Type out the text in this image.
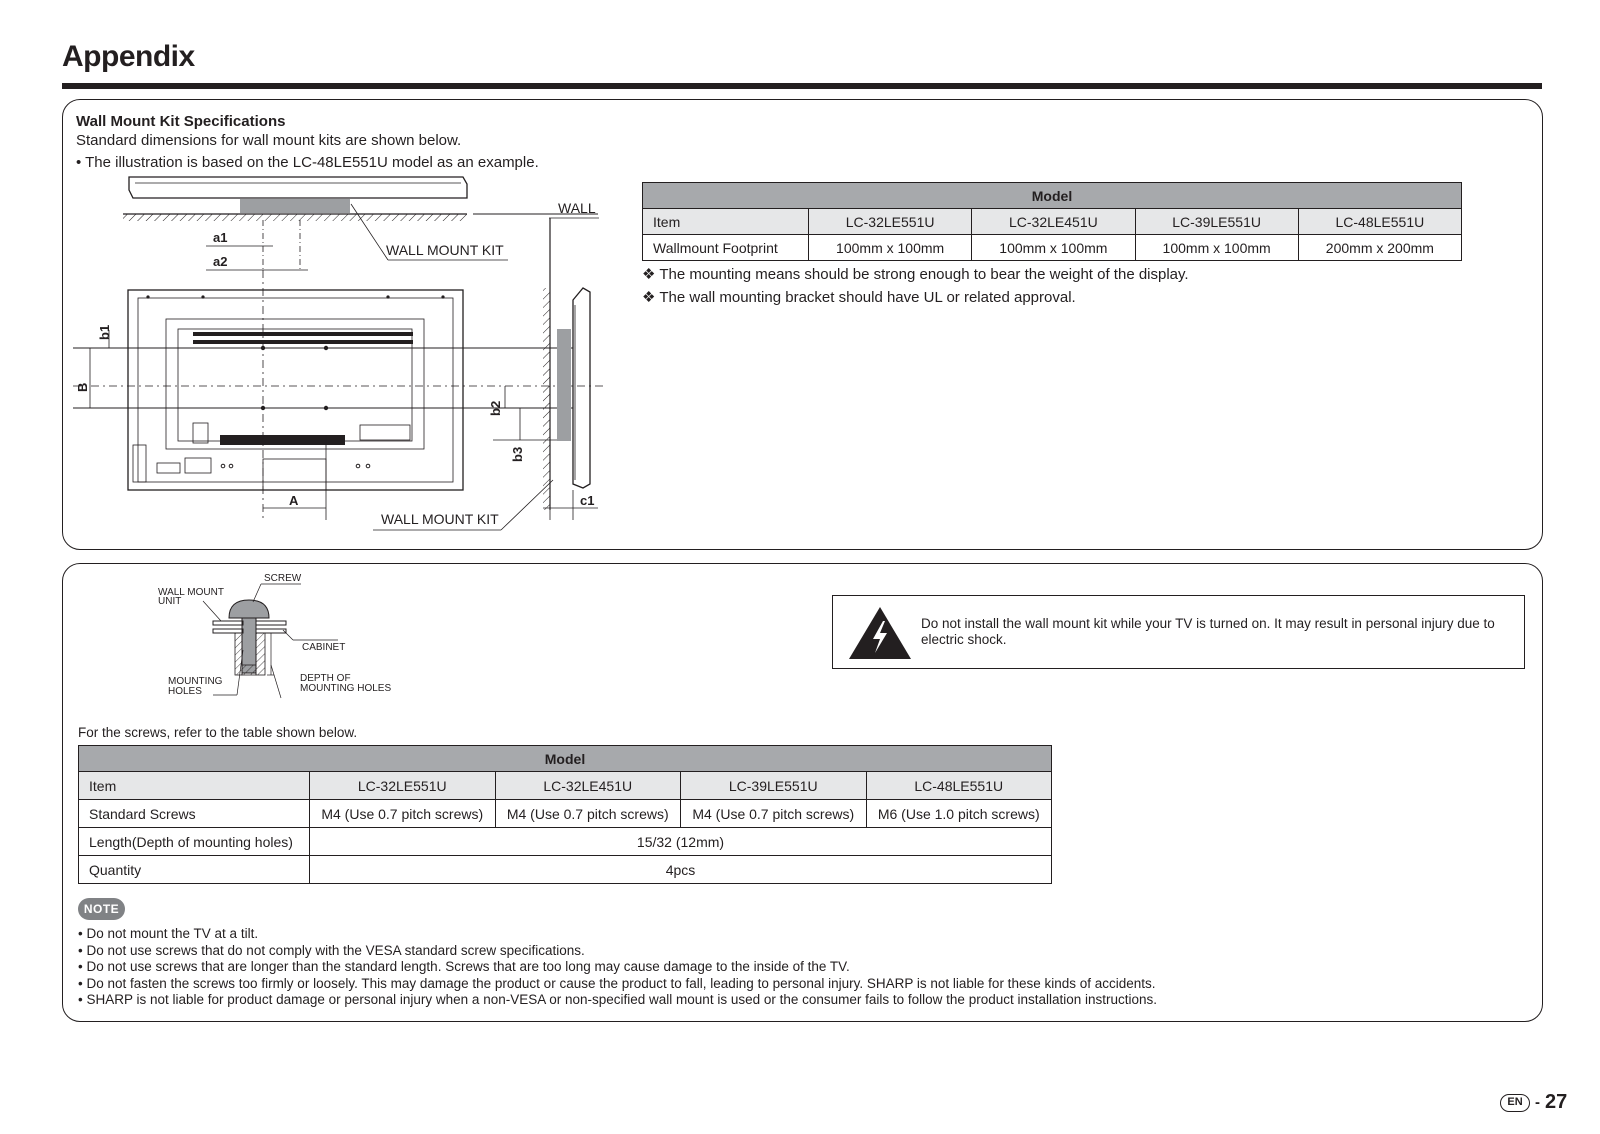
Appendix
Wall Mount Kit Specifications
Standard dimensions for wall mount kits are shown below.
• The illustration is based on the LC-48LE551U model as an example.
WALL
WALL MOUNT KIT
WALL MOUNT KIT
a1
a2
A	c1
b1
B
b2
b3
Model				
Item	LC-32LE551U	LC-32LE451U	LC-39LE551U	LC-48LE551U
Wallmount Footprint	100mm x 100mm	100mm x 100mm	100mm x 100mm	200mm x 200mm
❖ The mounting means should be strong enough to bear the weight of the display.
❖ The wall mounting bracket should have UL or related approval.
SCREW
WALL MOUNT
UNIT
CABINET
MOUNTING
HOLES
DEPTH OF
MOUNTING HOLES
Do not install the wall mount kit while your TV is turned on. It may result in personal injury due to electric shock.
For the screws, refer to the table shown below.
Model				
Item	LC-32LE551U	LC-32LE451U	LC-39LE551U	LC-48LE551U
Standard Screws	M4 (Use 0.7 pitch screws)	M4 (Use 0.7 pitch screws)	M4 (Use 0.7 pitch screws)	M6 (Use 1.0 pitch screws)
Length(Depth of mounting holes)	15/32 (12mm)			
Quantity	4pcs			
NOTE
• Do not mount the TV at a tilt.
• Do not use screws that do not comply with the VESA standard screw specifications.
• Do not use screws that are longer than the standard length. Screws that are too long may cause damage to the inside of the TV.
• Do not fasten the screws too firmly or loosely. This may damage the product or cause the product to fall, leading to personal injury. SHARP is not liable for these kinds of accidents.
• SHARP is not liable for product damage or personal injury when a non-VESA or non-specified wall mount is used or the consumer fails to follow the product installation instructions.
EN - 27
